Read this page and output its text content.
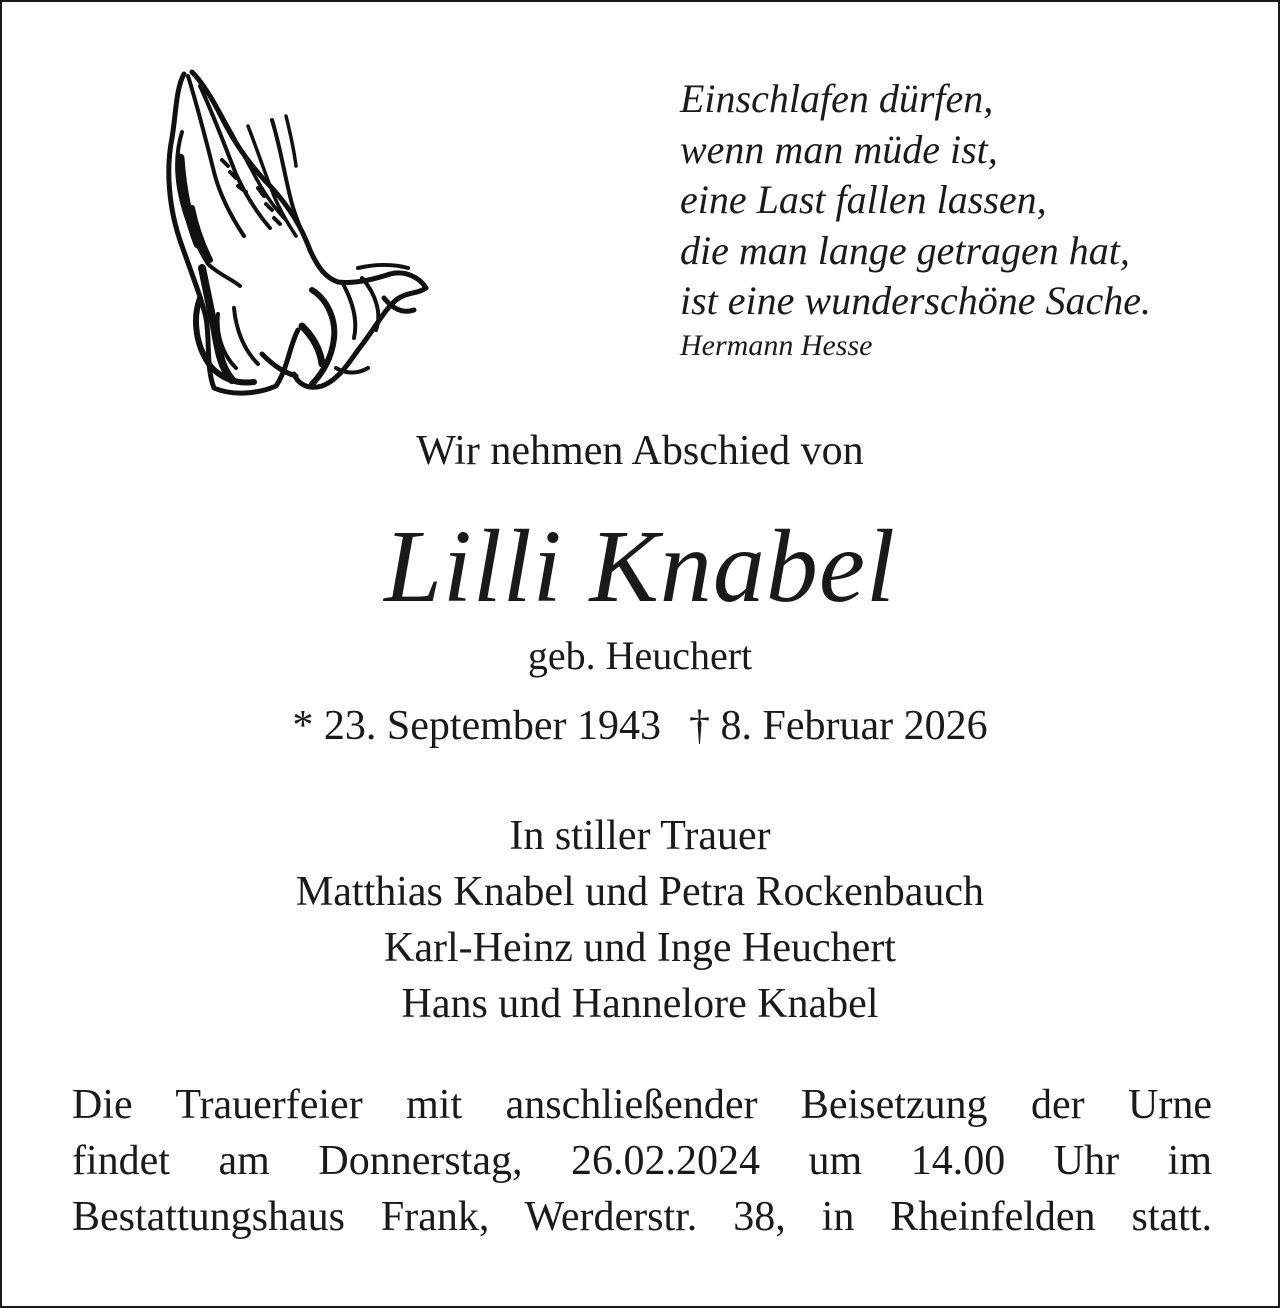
Einschlafen dürfen,
wenn man müde ist,
eine Last fallen lassen,
die man lange getragen hat,
ist eine wunderschöne Sache.
Hermann Hesse
Wir nehmen Abschied von
Lilli Knabel
geb. Heuchert
* 23. September 1943 † 8. Februar 2026
In stiller Trauer
Matthias Knabel und Petra Rockenbauch
Karl-Heinz und Inge Heuchert
Hans und Hannelore Knabel
Die Trauerfeier mit anschließender Beisetzung der Urne
findet am Donnerstag, 26.02.2024 um 14.00 Uhr im
Bestattungshaus Frank, Werderstr. 38, in Rheinfelden statt.
